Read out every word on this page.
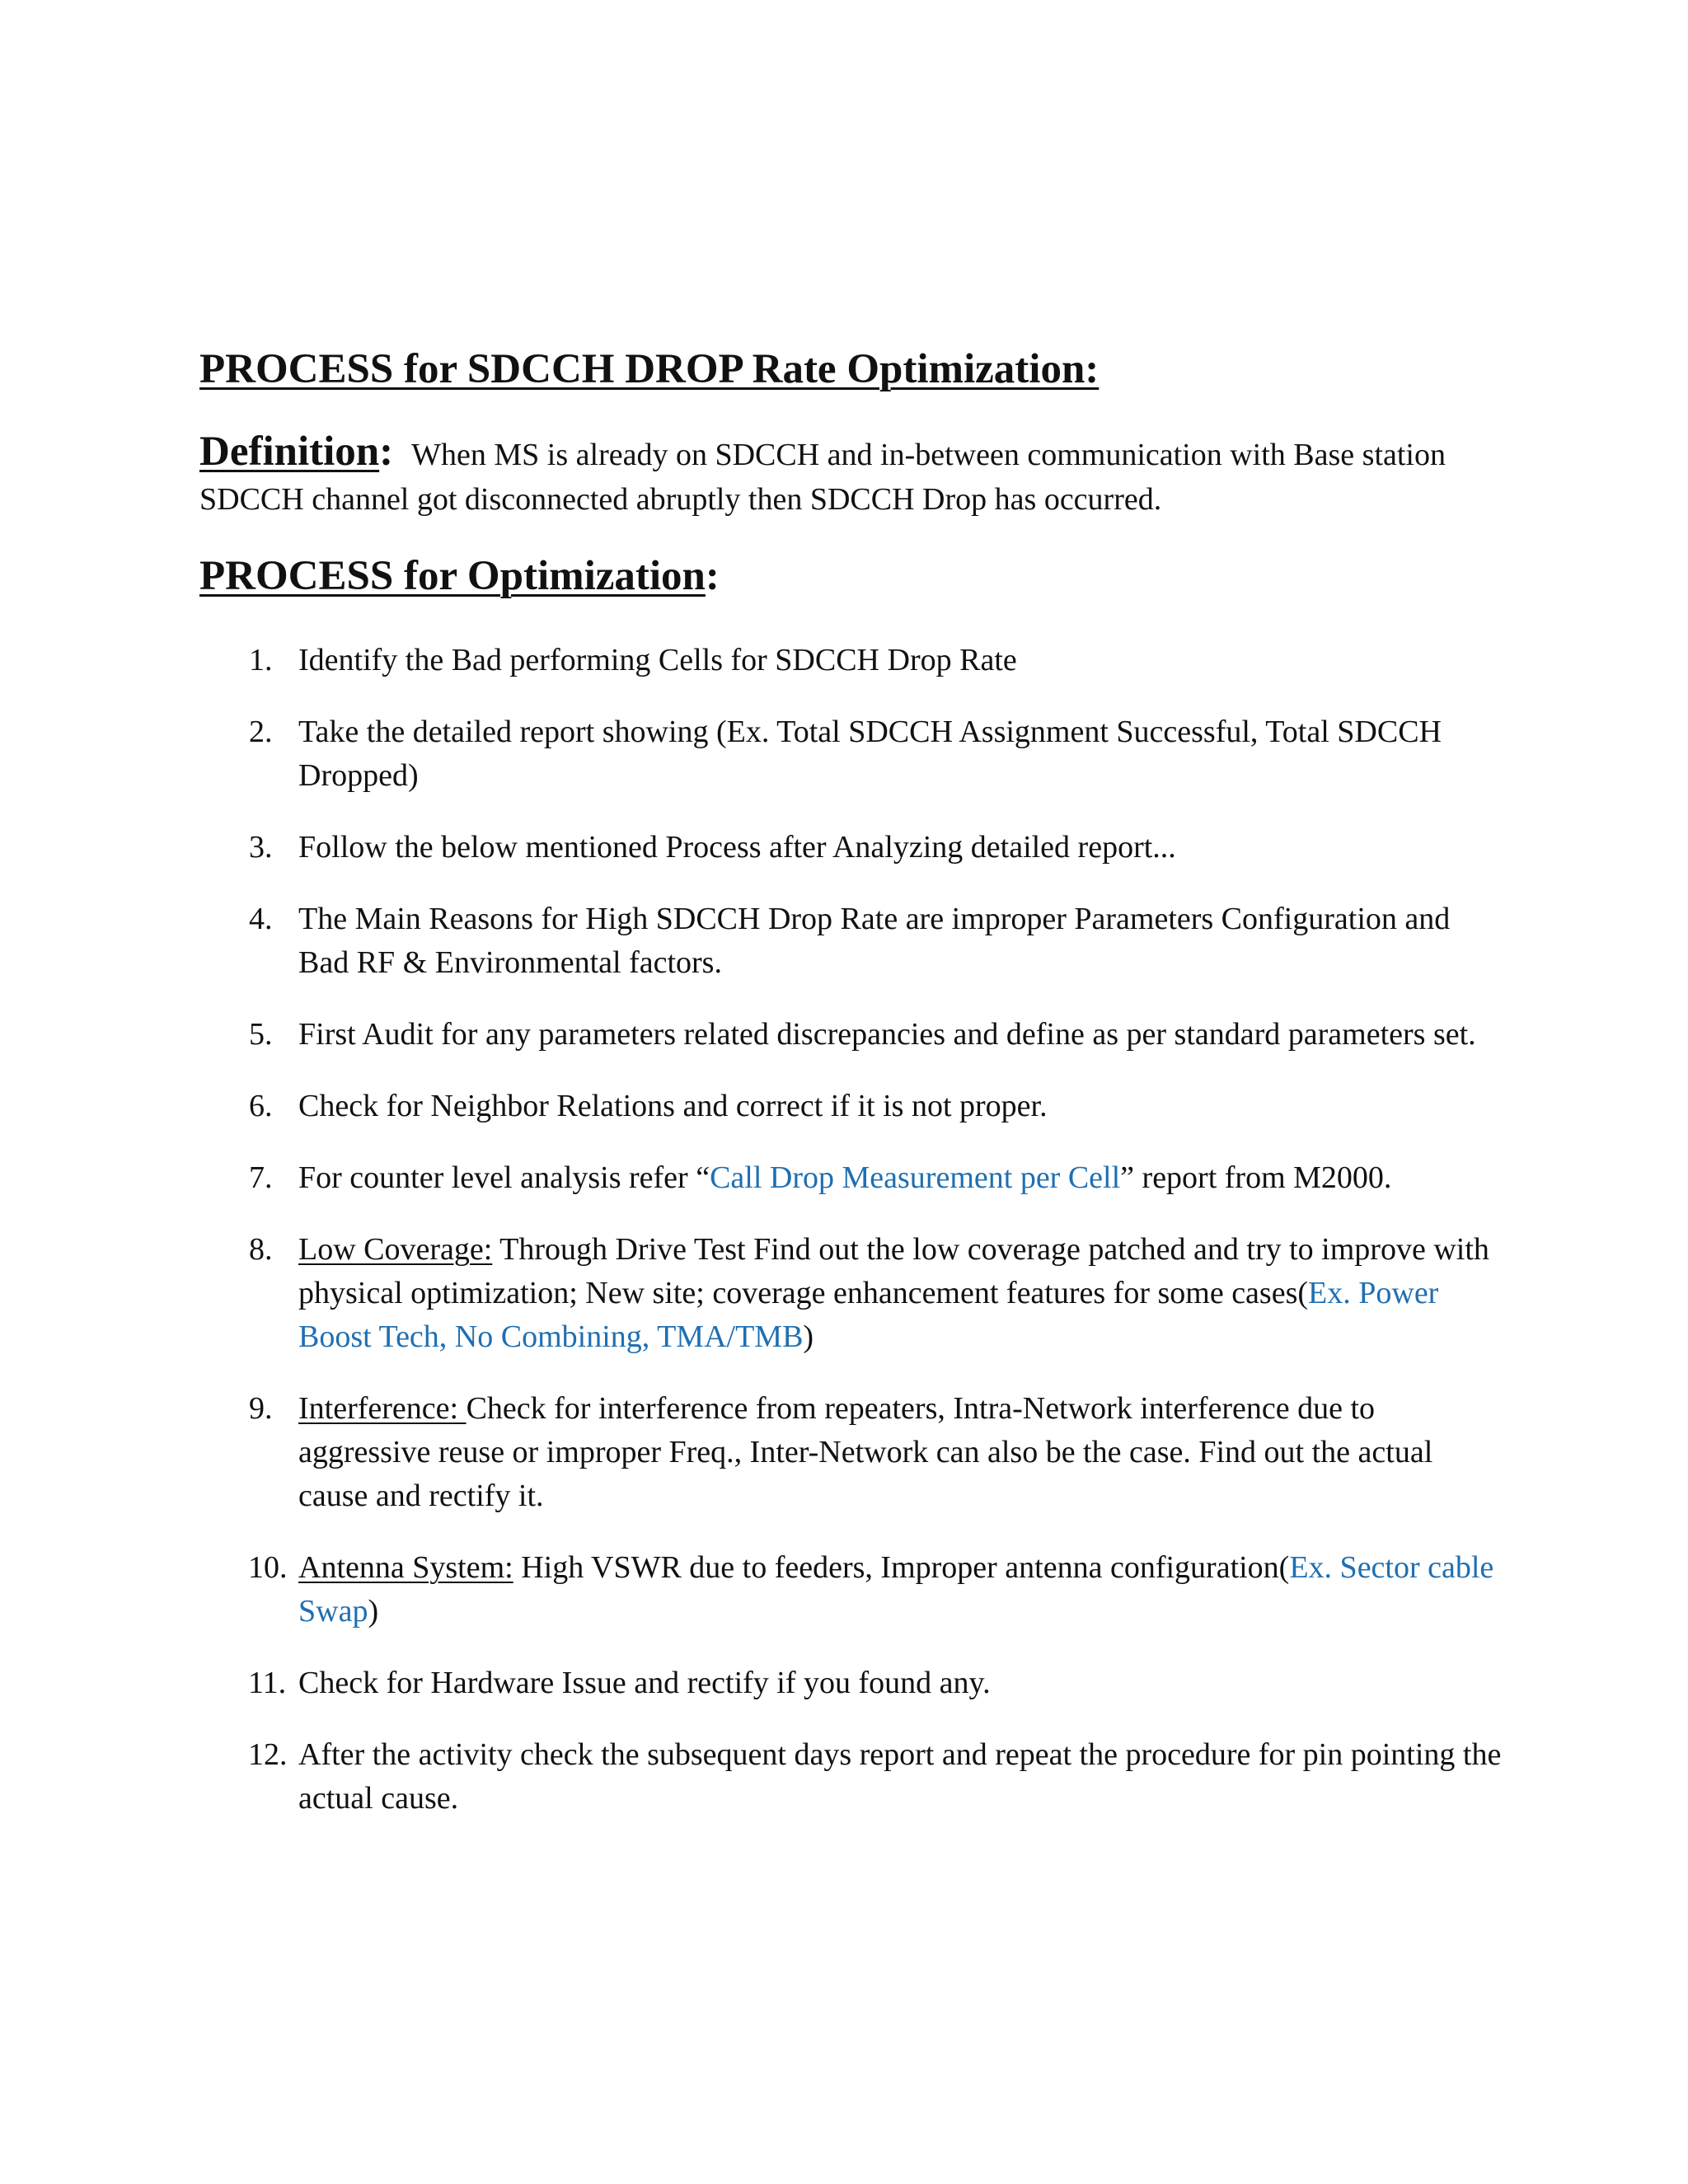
PROCESS for SDCCH DROP Rate Optimization:

Definition: When MS is already on SDCCH and in-between communication with Base station SDCCH channel got disconnected abruptly then SDCCH Drop has occurred.

PROCESS for Optimization:
1. Identify the Bad performing Cells for SDCCH Drop Rate
2. Take the detailed report showing (Ex. Total SDCCH Assignment Successful, Total SDCCH Dropped)
3. Follow the below mentioned Process after Analyzing detailed report...
4. The Main Reasons for High SDCCH Drop Rate are improper Parameters Configuration and Bad RF & Environmental factors.
5. First Audit for any parameters related discrepancies and define as per standard parameters set.
6. Check for Neighbor Relations and correct if it is not proper.
7. For counter level analysis refer “Call Drop Measurement per Cell” report from M2000.
8. Low Coverage: Through Drive Test Find out the low coverage patched and try to improve with physical optimization; New site; coverage enhancement features for some cases(Ex. Power Boost Tech, No Combining, TMA/TMB)
9. Interference: Check for interference from repeaters, Intra-Network interference due to aggressive reuse or improper Freq., Inter-Network can also be the case. Find out the actual cause and rectify it.
10. Antenna System: High VSWR due to feeders, Improper antenna configuration(Ex. Sector cable Swap)
11. Check for Hardware Issue and rectify if you found any.
12. After the activity check the subsequent days report and repeat the procedure for pin pointing the actual cause.
